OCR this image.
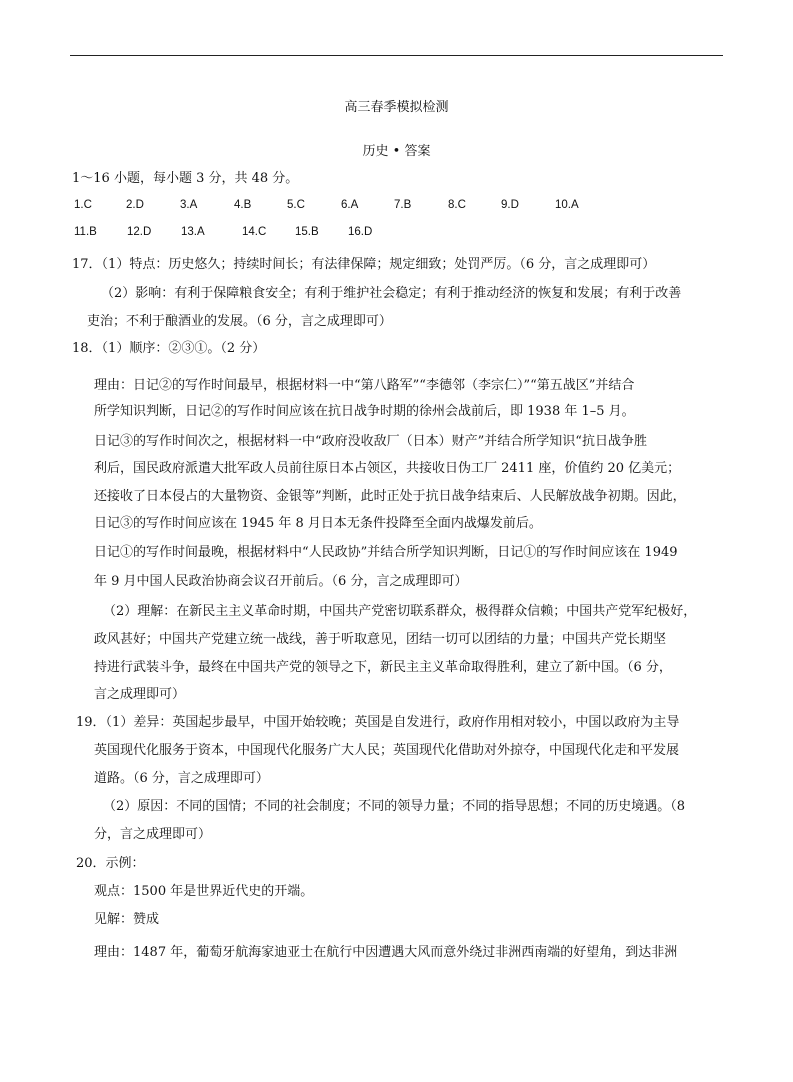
高三春季模拟检测
历史 • 答案
1～16 小题，每小题 3 分，共 48 分。
1.C	2.D	3.A	4.B	5.C	6.A	7.B	8.C	9.D	10.A
11.B	12.D	13.A	14.C 15.B	16.D
17．（1）特点：历史悠久；持续时间长；有法律保障；规定细致；处罚严厉。（6 分，言之成理即可）
（2）影响：有利于保障粮食安全；有利于维护社会稳定；有利于推动经济的恢复和发展；有利于改善
吏治；不利于酿酒业的发展。（6 分，言之成理即可）
18．（1）顺序：②③①。（2 分）
理由：日记②的写作时间最早，根据材料一中“第八路军”“李德邻（李宗仁）”“第五战区”并结合
所学知识判断，日记②的写作时间应该在抗日战争时期的徐州会战前后，即 1938 年 1–5 月。
日记③的写作时间次之，根据材料一中“政府没收敌厂（日本）财产”并结合所学知识“抗日战争胜
利后，国民政府派遣大批军政人员前往原日本占领区，共接收日伪工厂 2411 座，价值约 20 亿美元；
还接收了日本侵占的大量物资、金银等”判断，此时正处于抗日战争结束后、人民解放战争初期。因此，
日记③的写作时间应该在 1945 年 8 月日本无条件投降至全面内战爆发前后。
日记①的写作时间最晚，根据材料中“人民政协”并结合所学知识判断，日记①的写作时间应该在 1949
年 9 月中国人民政治协商会议召开前后。（6 分，言之成理即可）
（2）理解：在新民主主义革命时期，中国共产党密切联系群众，极得群众信赖；中国共产党军纪极好，
政风甚好；中国共产党建立统一战线，善于听取意见，团结一切可以团结的力量；中国共产党长期坚
持进行武装斗争，最终在中国共产党的领导之下，新民主主义革命取得胜利，建立了新中国。（6 分，
言之成理即可）
19．（1）差异：英国起步最早，中国开始较晚；英国是自发进行，政府作用相对较小，中国以政府为主导
英国现代化服务于资本，中国现代化服务广大人民；英国现代化借助对外掠夺，中国现代化走和平发展
道路。（6 分，言之成理即可）
（2）原因：不同的国情；不同的社会制度；不同的领导力量；不同的指导思想；不同的历史境遇。（8
分，言之成理即可）
20．示例：
观点：1500 年是世界近代史的开端。
见解：赞成
理由：1487 年，葡萄牙航海家迪亚士在航行中因遭遇大风而意外绕过非洲西南端的好望角，到达非洲
